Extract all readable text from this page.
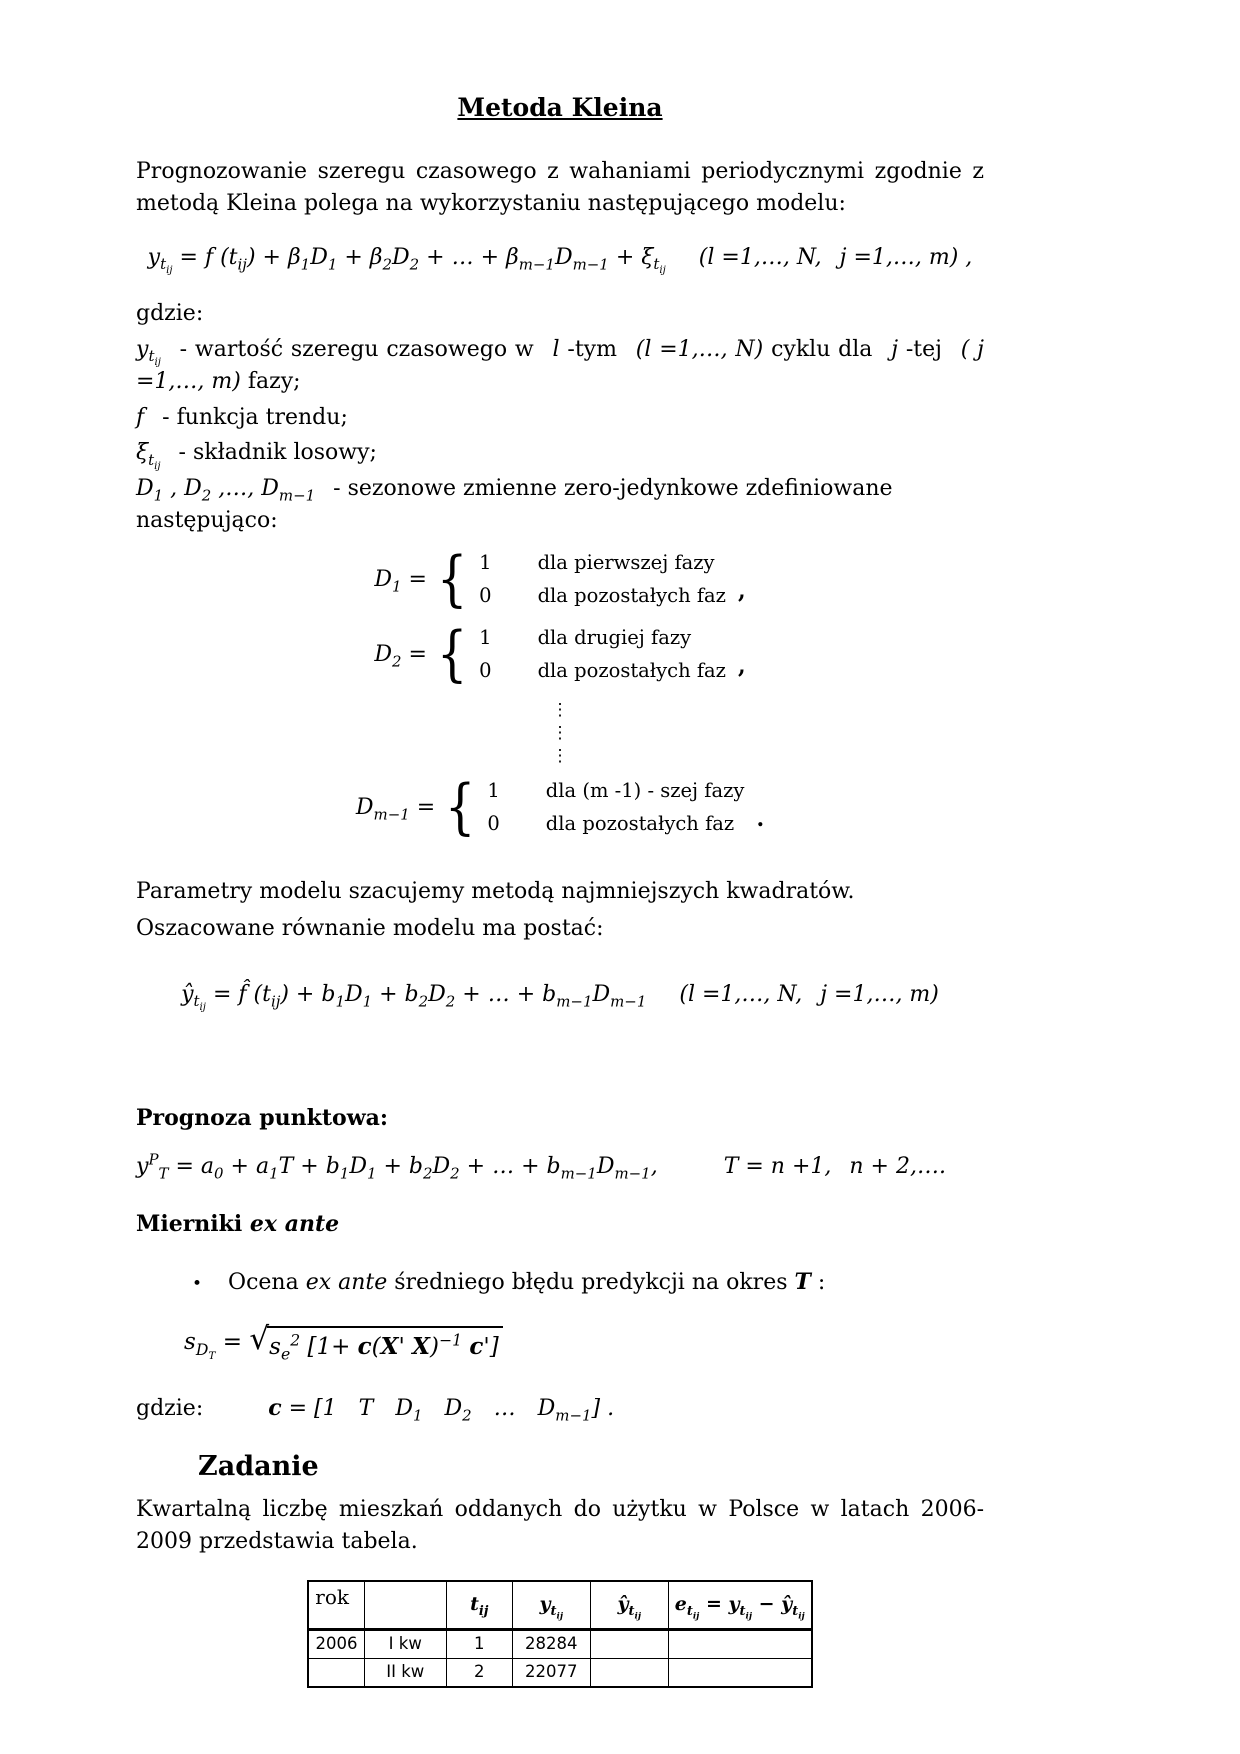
Metoda Kleina

Prognozowanie szeregu czasowego z wahaniami periodycznymi zgodnie z metodą Kleina polega na wykorzystaniu następującego modelu:

$y_{t_{ij}} = f$ $(t_{ij}) + \beta_1D_1 + \beta_2D_2$ + … + $\beta_{m-1}D_{m-1} + \xi_{t_{ij}}$  (l =1,…, N,  j =1,…, m) ,
gdzie:
$y_{t_{ij}}$  - wartość szeregu czasowego w  l -tym  (l =1,…, N) cyklu dla  j -tej  ( j =1,…, m) fazy;
f  - funkcja trendu;
$\xi_{t_{ij}}$  - składnik losowy;
$D_1$ , $D_2$ ,…, $D_{m-1}$  - sezonowe zmienne zero-jedynkowe zdefiniowane następująco:
$D_1$ = { 1 dla pierwszej fazy
0 dla pozostałych faz ,
$D_2$ = { 1 dla drugiej fazy
0 dla pozostałych faz ,
⋮
⋮
⋮
$D_{m-1}$ = { 1 dla (m -1) - szej fazy
0 dla pozostałych faz	.
Parametry modelu szacujemy metodą najmniejszych kwadratów.
Oszacowane równanie modelu ma postać:
$ŷ_{t_{ij}}$ = f̂ $(t_{ij}) + b_1D_1 + b_2D_2$ + … + $b_{m-1}D_{m-1}$  (l =1,…, N,  j =1,…, m)
Prognoza punktowa:
$y^P_T = a_0 + a_1T + b_1D_1 + b_2D_2$ + … + $b_{m-1}D_{m-1}$,   T = n +1,  n + 2,….
Mierniki ex ante
• Ocena ex ante średniego błędu predykcji na okres T :
$s_{D_T}$ = √ $s_e^2$ [1+ c(X' X)$^{-1}$ c']
gdzie:	c = [1 T $D_1$ $D_2$ … $D_{m-1}$] .
Zadanie

Kwartalną liczbę mieszkań oddanych do użytku w Polsce w latach 2006-2009 przedstawia tabela.

rok		$t_{ij}$	$y_{t_{ij}}$	$ŷ_{t_{ij}}$	$e_{t_{ij}} = y_{t_{ij}}$ − $ŷ_{t_{ij}}$
2006	I kw	1	28284		
	II kw	2	22077		
